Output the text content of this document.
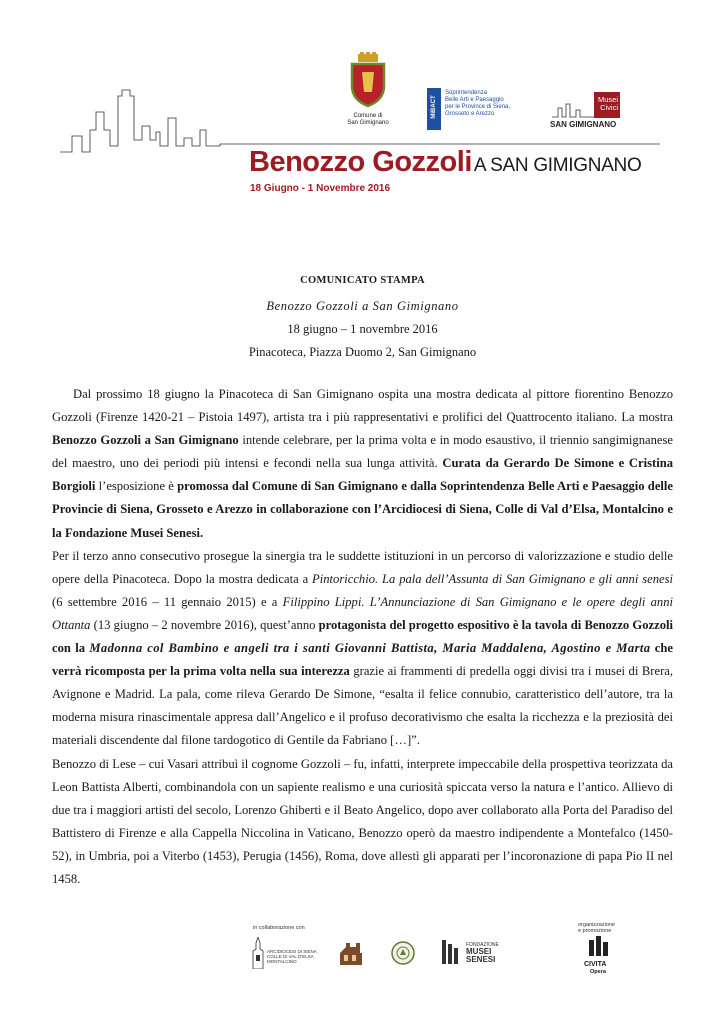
Comune di
San Gimignano
MiBACT
Soprintendenza
Belle Arti e Paesaggio
per le Province di Siena,
Grosseto e Arezzo
Musei
Civici
SAN GIMIGNANO
Benozzo Gozzoli A SAN GIMIGNANO
18 Giugno - 1 Novembre 2016
COMUNICATO STAMPA
Benozzo Gozzoli a San Gimignano
18 giugno – 1 novembre 2016
Pinacoteca, Piazza Duomo 2, San Gimignano

Dal prossimo 18 giugno la Pinacoteca di San Gimignano ospita una mostra dedicata al pittore fiorentino Benozzo Gozzoli (Firenze 1420-21 – Pistoia 1497), artista tra i più rappresentativi e prolifici del Quattrocento italiano. La mostra Benozzo Gozzoli a San Gimignano intende celebrare, per la prima volta e in modo esaustivo, il triennio sangimignanese del maestro, uno dei periodi più intensi e fecondi nella sua lunga attività. Curata da Gerardo De Simone e Cristina Borgioli l’esposizione è promossa dal Comune di San Gimignano e dalla Soprintendenza Belle Arti e Paesaggio delle Provincie di Siena, Grosseto e Arezzo in collaborazione con l’Arcidiocesi di Siena, Colle di Val d’Elsa, Montalcino e la Fondazione Musei Senesi.

Per il terzo anno consecutivo prosegue la sinergia tra le suddette istituzioni in un percorso di valorizzazione e studio delle opere della Pinacoteca. Dopo la mostra dedicata a Pintoricchio. La pala dell’Assunta di San Gimignano e gli anni senesi (6 settembre 2016 – 11 gennaio 2015) e a Filippino Lippi. L’Annunciazione di San Gimignano e le opere degli anni Ottanta (13 giugno – 2 novembre 2016), quest’anno protagonista del progetto espositivo è la tavola di Benozzo Gozzoli con la Madonna col Bambino e angeli tra i santi Giovanni Battista, Maria Maddalena, Agostino e Marta che verrà ricomposta per la prima volta nella sua interezza grazie ai frammenti di predella oggi divisi tra i musei di Brera, Avignone e Madrid. La pala, come rileva Gerardo De Simone, “esalta il felice connubio, caratteristico dell’autore, tra la moderna misura rinascimentale appresa dall’Angelico e il profuso decorativismo che esalta la ricchezza e la preziosità dei materiali discendente dal filone tardogotico di Gentile da Fabriano […]”.

Benozzo di Lese – cui Vasari attribuì il cognome Gozzoli – fu, infatti, interprete impeccabile della prospettiva teorizzata da Leon Battista Alberti, combinandola con un sapiente realismo e una curiosità spiccata verso la natura e l’antico. Allievo di due tra i maggiori artisti del secolo, Lorenzo Ghiberti e il Beato Angelico, dopo aver collaborato alla Porta del Paradiso del Battistero di Firenze e alla Cappella Niccolina in Vaticano, Benozzo operò da maestro indipendente a Montefalco (1450-52), in Umbria, poi a Viterbo (1453), Perugia (1456), Roma, dove allestì gli apparati per l’incoronazione di papa Pio II nel 1458.

in collaborazione con
ARCIDIOCESI DI SIENA
COLLE DI VAL D'ELSA
MONTALCINO
FONDAZIONE
MUSEI
SENESI
organizzazione
e promozione
CIVITA
Opera
